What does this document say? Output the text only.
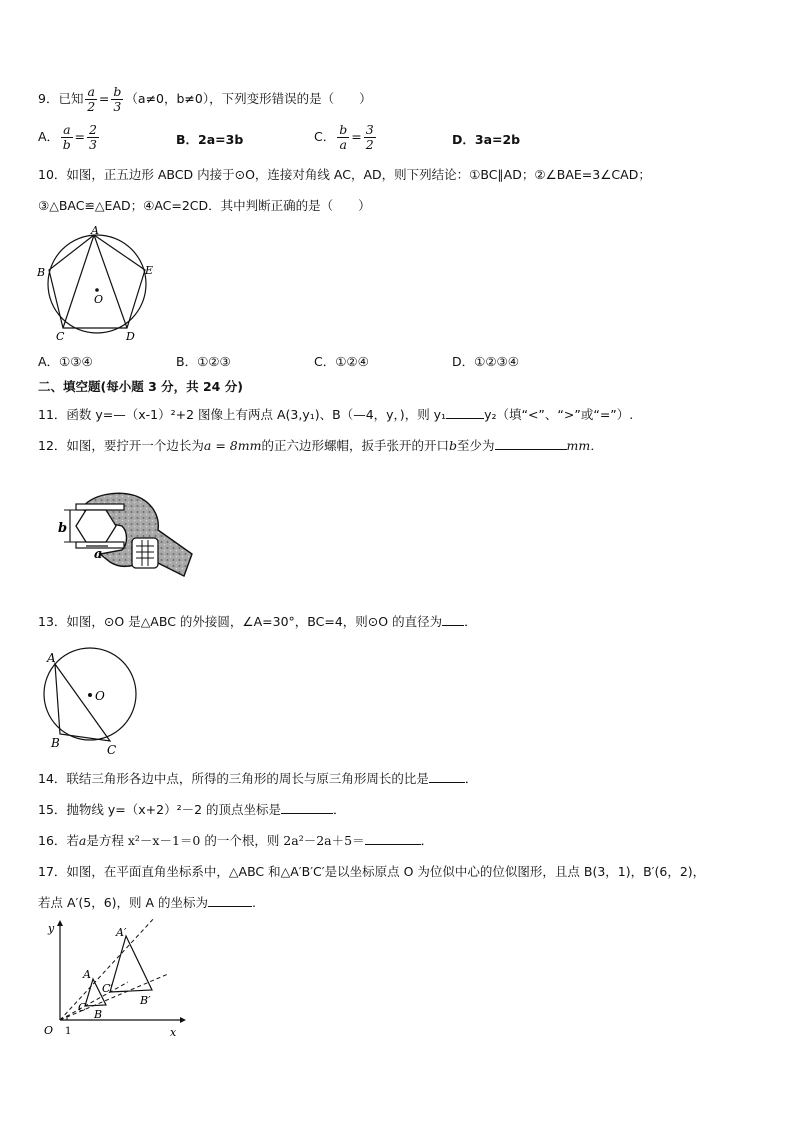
9．已知 $\frac{a}{2} = \frac{b}{3} (a\ne 0$，b≠0），下列变形错误的是（　　）
A． $\frac{a}{b} = \frac{2}{3}$	B．2a=3b	C． $\frac{b}{a} = \frac{3}{2}$	D．3a=2b
10．如图，正五边形 ABCD 内接于⊙O，连接对角线 AC，AD，则下列结论：①BC∥AD；②∠BAE=3∠CAD；
③△BAC≌△EAD；④AC=2CD．其中判断正确的是（　　）
A
B
C	D
E
O
A．①③④	B．①②③	C．①②④	D．①②③④
二、填空题(每小题 3 分，共 24 分)
11．函数 y=—（x-1）²+2 图像上有两点 A(3,y₁)、B（—4，y，)，则 y₁	y₂（填“<”、“>”或“=”）.
12．如图，要拧开一个边长为a = 8mm的正六边形螺帽，扳手张开的开口b至少为	mm．
b
a
13．如图，⊙O 是△ABC 的外接圆，∠A=30°，BC=4，则⊙O 的直径为 ．
A
B	C
O
14．联结三角形各边中点，所得的三角形的周长与原三角形周长的比是	．
15．抛物线 y=（x+2）²－2 的顶点坐标是	．
16．若a是方程 x²－x－1＝0 的一个根，则 2a²－2a＋5＝	．
17．如图，在平面直角坐标系中，△ABC 和△A′B′C′是以坐标原点 O 为位似中心的位似图形，且点 B(3，1)，B′(6，2)，
若点 A′(5，6)，则 A 的坐标为	.
y
x
O 1
A
B
C
A′
B′
C′
